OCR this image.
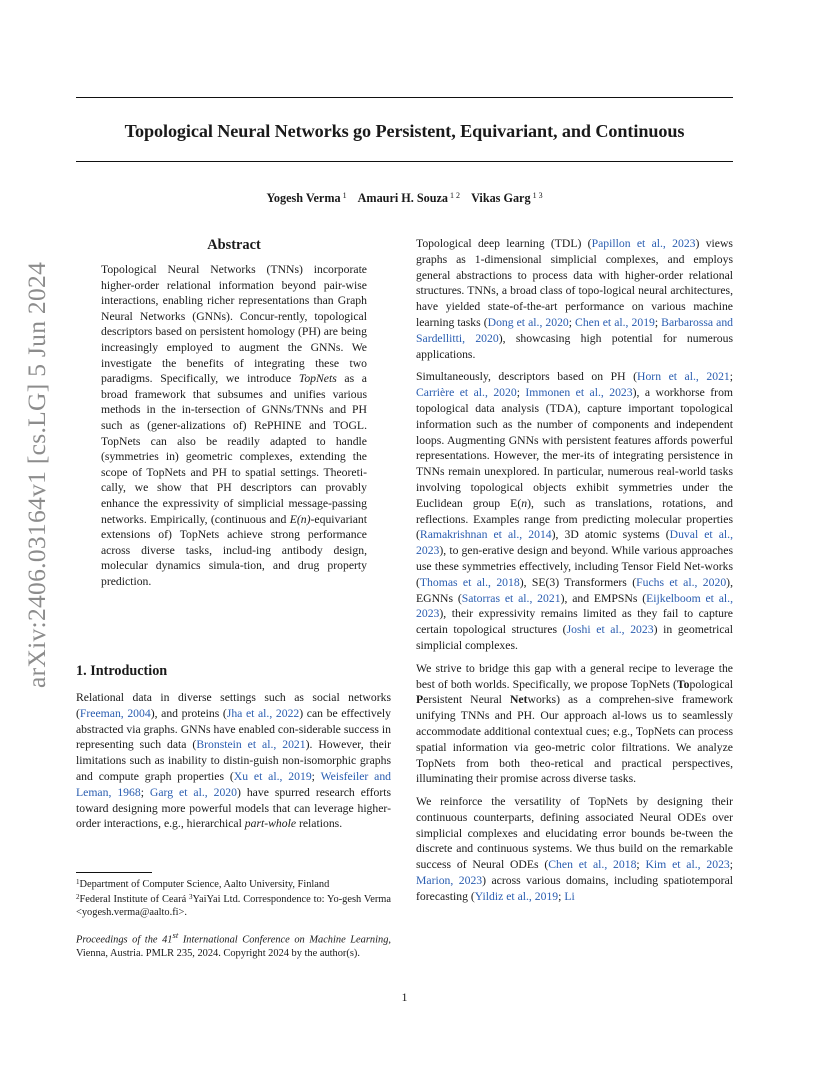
Topological Neural Networks go Persistent, Equivariant, and Continuous
Yogesh Verma $^1$ Amauri H. Souza $^{1 2}$ Vikas Garg $^{1 3}$
arXiv:2406.03164v1 [cs.LG] 5 Jun 2024
Abstract
Topological Neural Networks (TNNs) incorporate higher-order relational information beyond pair-wise interactions, enabling richer representations than Graph Neural Networks (GNNs). Concur-rently, topological descriptors based on persistent homology (PH) are being increasingly employed to augment the GNNs. We investigate the benefits of integrating these two paradigms. Specifically, we introduce TopNets as a broad framework that subsumes and unifies various methods in the in-tersection of GNNs/TNNs and PH such as (gener-alizations of) RePHINE and TOGL. TopNets can also be readily adapted to handle (symmetries in) geometric complexes, extending the scope of TopNets and PH to spatial settings. Theoreti-cally, we show that PH descriptors can provably enhance the expressivity of simplicial message-passing networks. Empirically, (continuous and E(n)-equivariant extensions of) TopNets achieve strong performance across diverse tasks, includ-ing antibody design, molecular dynamics simula-tion, and drug property prediction.
1. Introduction
Relational data in diverse settings such as social networks (Freeman, 2004), and proteins (Jha et al., 2022) can be effectively abstracted via graphs. GNNs have enabled con-siderable success in representing such data (Bronstein et al., 2021). However, their limitations such as inability to distin-guish non-isomorphic graphs and compute graph properties (Xu et al., 2019; Weisfeiler and Leman, 1968; Garg et al., 2020) have spurred research efforts toward designing more powerful models that can leverage higher-order interactions, e.g., hierarchical part-whole relations.
$^1$Department of Computer Science, Aalto University, Finland
$^2$Federal Institute of Ceará $^3$YaiYai Ltd. Correspondence to: Yo-gesh Verma <yogesh.verma@aalto.fi>.
Proceedings of the 41st International Conference on Machine Learning, Vienna, Austria. PMLR 235, 2024. Copyright 2024 by the author(s).

Topological deep learning (TDL) (Papillon et al., 2023) views graphs as 1-dimensional simplicial complexes, and employs general abstractions to process data with higher-order relational structures. TNNs, a broad class of topo-logical neural architectures, have yielded state-of-the-art performance on various machine learning tasks (Dong et al., 2020; Chen et al., 2019; Barbarossa and Sardellitti, 2020), showcasing high potential for numerous applications.

Simultaneously, descriptors based on PH (Horn et al., 2021; Carrière et al., 2020; Immonen et al., 2023), a workhorse from topological data analysis (TDA), capture important topological information such as the number of components and independent loops. Augmenting GNNs with persistent features affords powerful representations. However, the mer-its of integrating persistence in TNNs remain unexplored. In particular, numerous real-world tasks involving topological objects exhibit symmetries under the Euclidean group E(n), such as translations, rotations, and reflections. Examples range from predicting molecular properties (Ramakrishnan et al., 2014), 3D atomic systems (Duval et al., 2023), to gen-erative design and beyond. While various approaches use these symmetries effectively, including Tensor Field Net-works (Thomas et al., 2018), SE(3) Transformers (Fuchs et al., 2020), EGNNs (Satorras et al., 2021), and EMPSNs (Eijkelboom et al., 2023), their expressivity remains limited as they fail to capture certain topological structures (Joshi et al., 2023) in geometrical simplicial complexes.

We strive to bridge this gap with a general recipe to leverage the best of both worlds. Specifically, we propose TopNets (Topological Persistent Neural Networks) as a comprehen-sive framework unifying TNNs and PH. Our approach al-lows us to seamlessly accommodate additional contextual cues; e.g., TopNets can process spatial information via geo-metric color filtrations. We analyze TopNets from both theo-retical and practical perspectives, illuminating their promise across diverse tasks.

We reinforce the versatility of TopNets by designing their continuous counterparts, defining associated Neural ODEs over simplicial complexes and elucidating error bounds be-tween the discrete and continuous systems. We thus build on the remarkable success of Neural ODEs (Chen et al., 2018; Kim et al., 2023; Marion, 2023) across various domains, including spatiotemporal forecasting (Yildiz et al., 2019; Li

1
